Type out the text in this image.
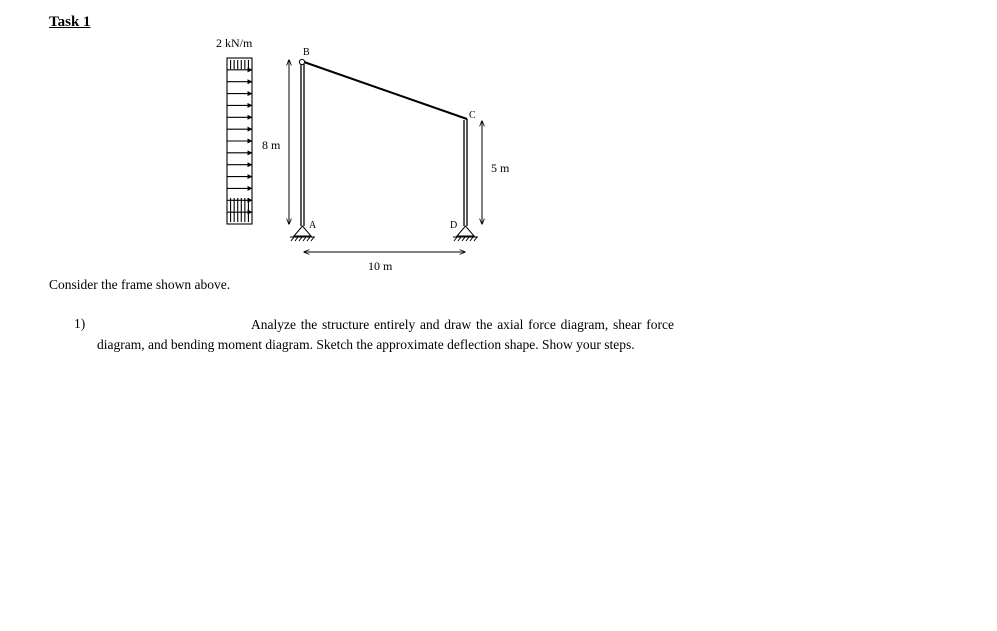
Task 1
2 kN/m
B
C
A	D
8 m
5 m
10 m

Consider the frame shown above.

1)	Analyze the structure entirely and draw the axial force diagram, shear force diagram, and bending moment diagram. Sketch the approximate deflection shape. Show your steps.
